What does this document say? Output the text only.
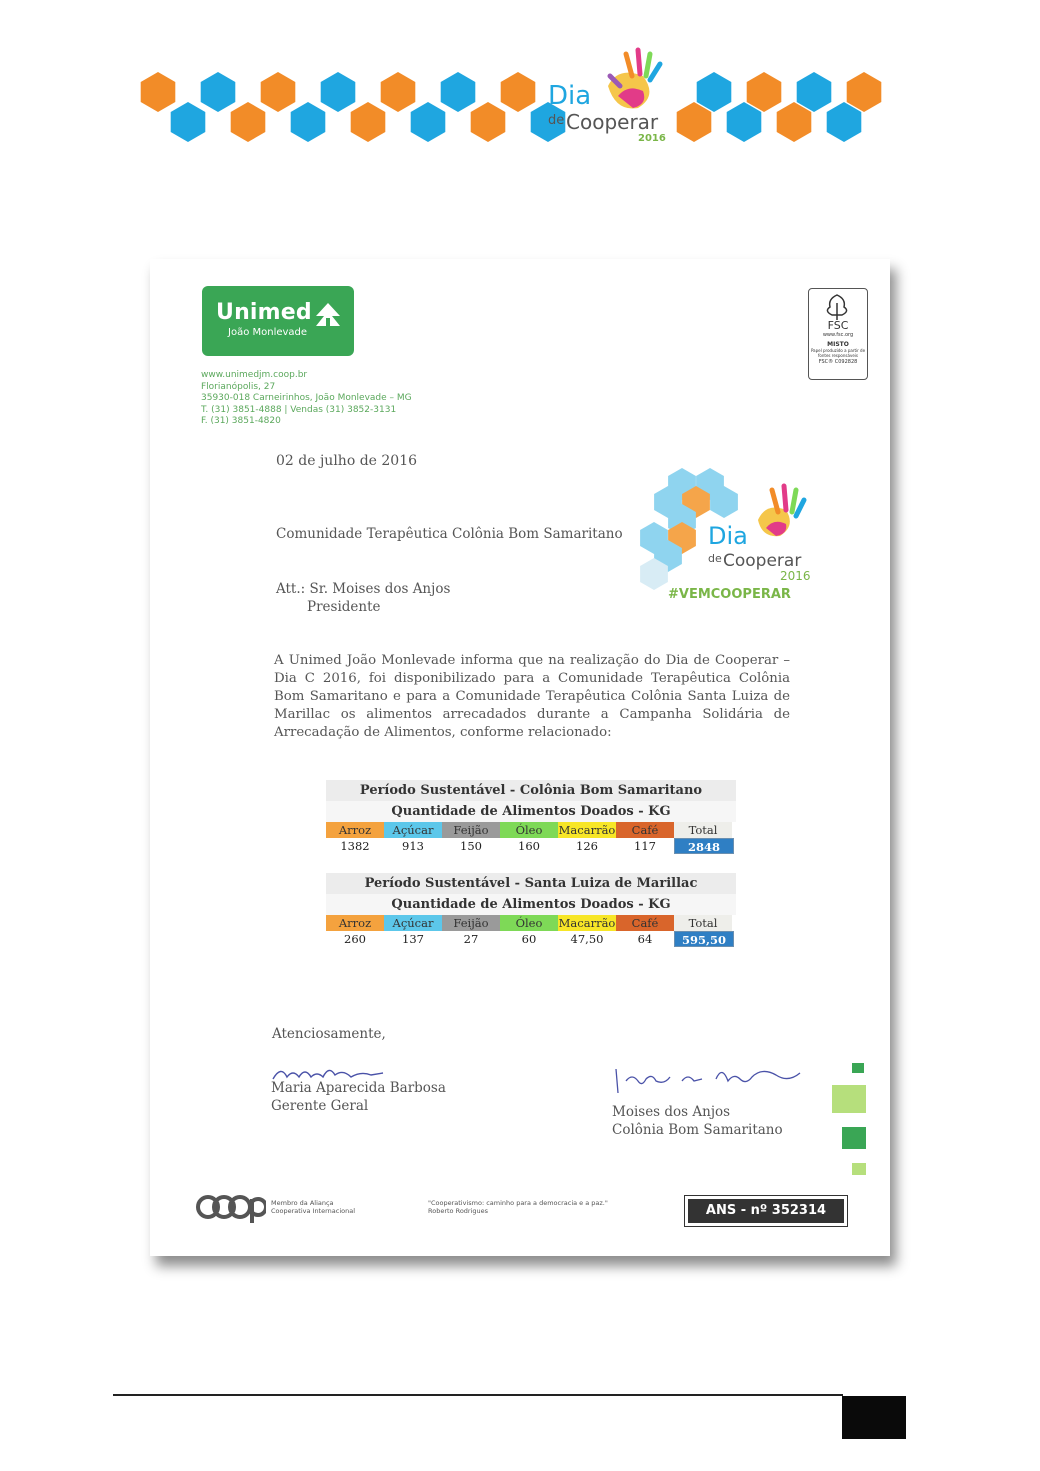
Dia
de Cooperar
2016
Unimed
João Monlevade
www.unimedjm.coop.br
Florianópolis, 27
35930-018 Carneirinhos, João Monlevade – MG
T. (31) 3851-4888 | Vendas (31) 3852-3131
F. (31) 3851-4820
FSC
www.fsc.org
MISTO
Papel produzido a partir de fontes responsáveis
FSC® C092828
02 de julho de 2016
Comunidade Terapêutica Colônia Bom Samaritano
Att.: Sr. Moises dos Anjos
Presidente
Dia
de Cooperar
2016
#VEMCOOPERAR
A Unimed João Monlevade informa que na realização do Dia de Cooperar – Dia C 2016, foi disponibilizado para a Comunidade Terapêutica Colônia Bom Samaritano e para a Comunidade Terapêutica Colônia Santa Luiza de Marillac os alimentos arrecadados durante a Campanha Solidária de Arrecadação de Alimentos, conforme relacionado:
Período Sustentável - Colônia Bom Samaritano
Quantidade de Alimentos Doados - KG
Arroz	Açúcar	Feijão	Óleo	Macarrão	Café	Total
1382	913	150	160	126	117	2848
Período Sustentável - Santa Luiza de Marillac
Quantidade de Alimentos Doados - KG
Arroz	Açúcar	Feijão	Óleo	Macarrão	Café	Total
260	137	27	60	47,50	64	595,50
Atenciosamente,
Maria Aparecida Barbosa
Gerente Geral	Moises dos Anjos
Colônia Bom Samaritano
coop
Membro da Aliança
Cooperativa Internacional
"Cooperativismo: caminho para a democracia e a paz."
Roberto Rodrigues	ANS - nº 352314
